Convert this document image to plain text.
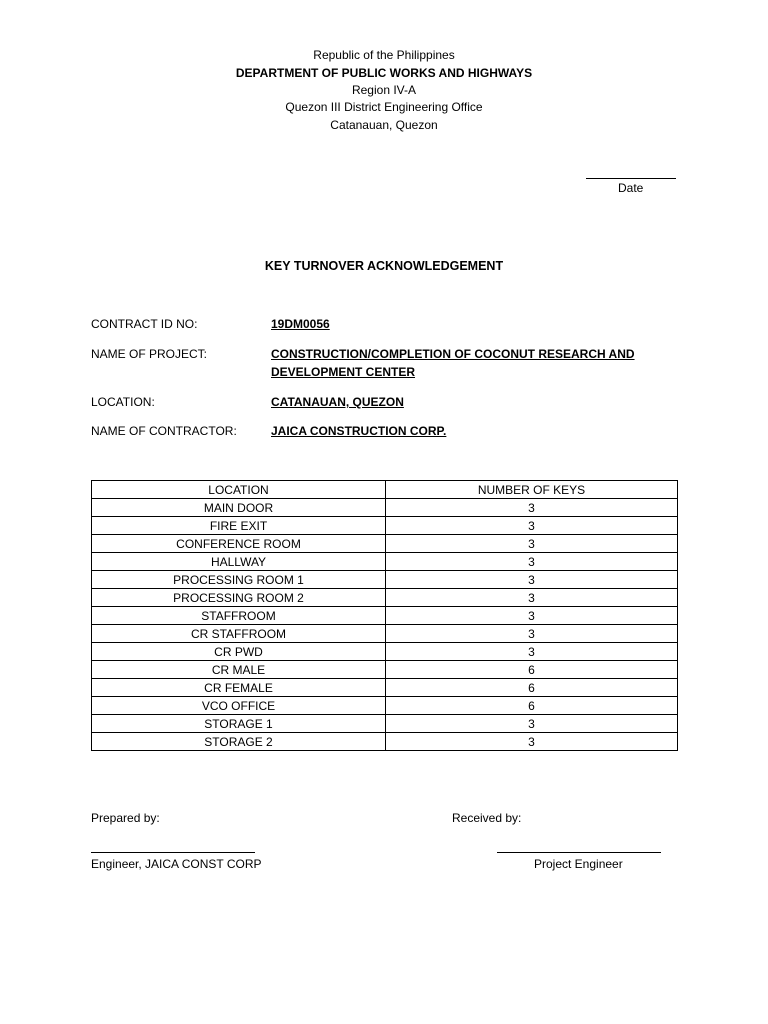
Republic of the Philippines
DEPARTMENT OF PUBLIC WORKS AND HIGHWAYS
Region IV-A
Quezon III District Engineering Office
Catanauan, Quezon
Date
KEY TURNOVER ACKNOWLEDGEMENT
CONTRACT ID NO:	19DM0056
NAME OF PROJECT:	CONSTRUCTION/COMPLETION OF COCONUT RESEARCH AND
DEVELOPMENT CENTER
LOCATION:	CATANAUAN, QUEZON
NAME OF CONTRACTOR:	JAICA CONSTRUCTION CORP.
LOCATION	NUMBER OF KEYS
MAIN DOOR	3
FIRE EXIT	3
CONFERENCE ROOM	3
HALLWAY	3
PROCESSING ROOM 1	3
PROCESSING ROOM 2	3
STAFFROOM	3
CR STAFFROOM	3
CR PWD	3
CR MALE	6
CR FEMALE	6
VCO OFFICE	6
STORAGE 1	3
STORAGE 2	3
Prepared by:
Engineer, JAICA CONST CORP
Received by:
Project Engineer
